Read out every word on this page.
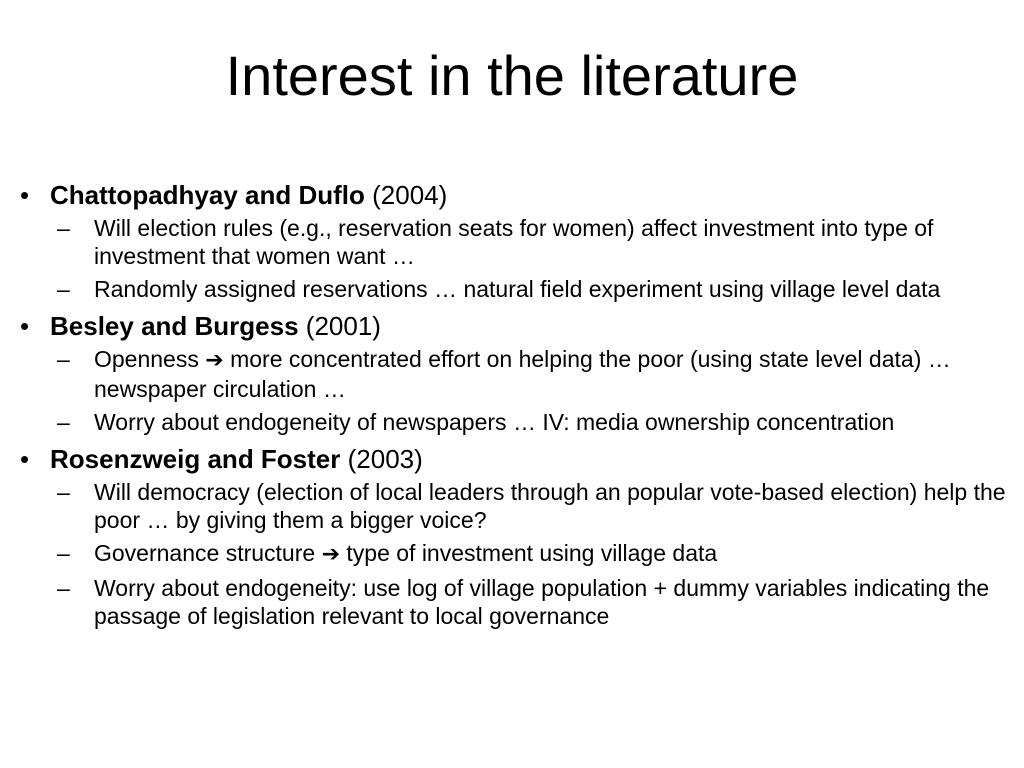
Interest in the literature
• Chattopadhyay and Duflo (2004)
–	Will election rules (e.g., reservation seats for women) affect investment into type of investment that women want …
–	Randomly assigned reservations … natural field experiment using village level data
• Besley and Burgess (2001)
–	Openness ➔ more concentrated effort on helping the poor (using state level data) … newspaper circulation …
–	Worry about endogeneity of newspapers … IV: media ownership concentration
• Rosenzweig and Foster (2003)
–	Will democracy (election of local leaders through an popular vote-based election) help the poor … by giving them a bigger voice?
–	Governance structure ➔ type of investment using village data
–	Worry about endogeneity: use log of village population + dummy variables indicating the passage of legislation relevant to local governance
